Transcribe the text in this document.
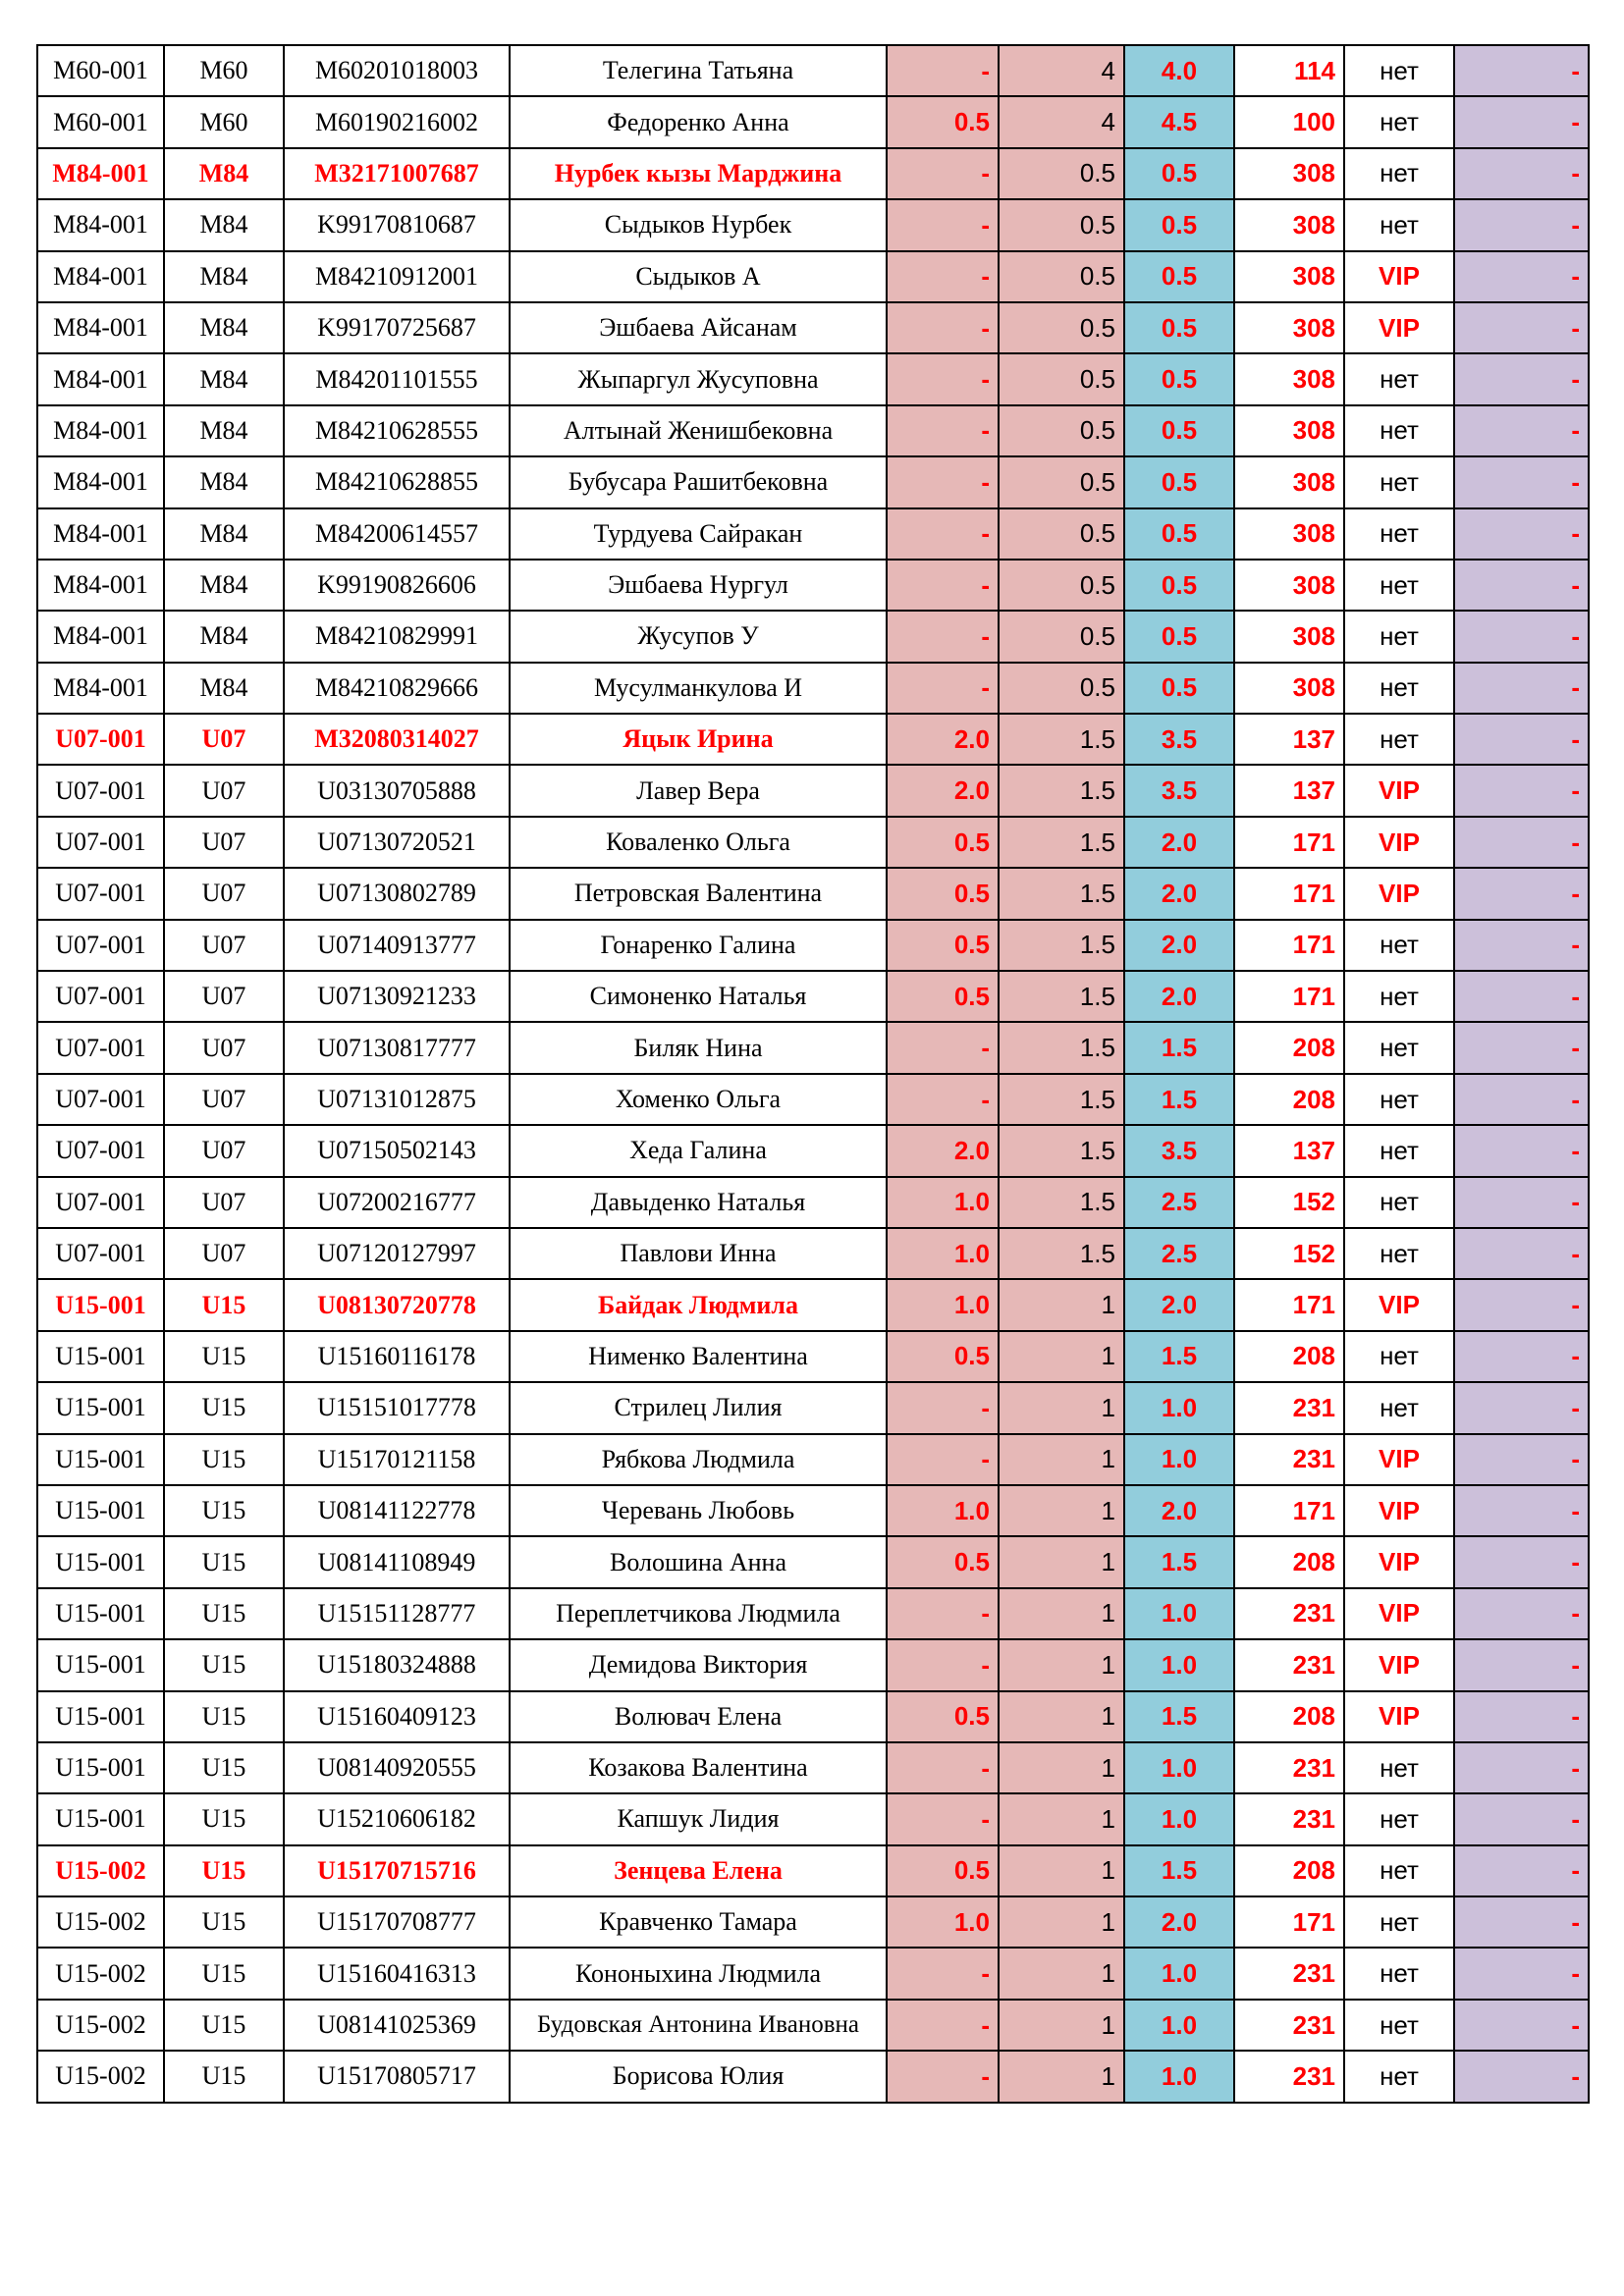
M60-001	M60	M60201018003	Телегина Татьяна	-	4	4.0	114	нет	-
M60-001	M60	M60190216002	Федоренко Анна	0.5	4	4.5	100	нет	-
M84-001	M84	M32171007687	Нурбек кызы Марджина	-	0.5	0.5	308	нет	-
M84-001	M84	K99170810687	Сыдыков Нурбек	-	0.5	0.5	308	нет	-
M84-001	M84	M84210912001	Сыдыков А	-	0.5	0.5	308	VIP	-
M84-001	M84	K99170725687	Эшбаева Айсанам	-	0.5	0.5	308	VIP	-
M84-001	M84	M84201101555	Жыпаргул Жусуповна	-	0.5	0.5	308	нет	-
M84-001	M84	M84210628555	Алтынай Женишбековна	-	0.5	0.5	308	нет	-
M84-001	M84	M84210628855	Бубусара Рашитбековна	-	0.5	0.5	308	нет	-
M84-001	M84	M84200614557	Турдуева Сайракан	-	0.5	0.5	308	нет	-
M84-001	M84	K99190826606	Эшбаева Нургул	-	0.5	0.5	308	нет	-
M84-001	M84	M84210829991	Жусупов У	-	0.5	0.5	308	нет	-
M84-001	M84	M84210829666	Мусулманкулова И	-	0.5	0.5	308	нет	-
U07-001	U07	M32080314027	Яцык Ирина	2.0	1.5	3.5	137	нет	-
U07-001	U07	U03130705888	Лавер Вера	2.0	1.5	3.5	137	VIP	-
U07-001	U07	U07130720521	Коваленко Ольга	0.5	1.5	2.0	171	VIP	-
U07-001	U07	U07130802789	Петровская Валентина	0.5	1.5	2.0	171	VIP	-
U07-001	U07	U07140913777	Гонаренко Галина	0.5	1.5	2.0	171	нет	-
U07-001	U07	U07130921233	Симоненко Наталья	0.5	1.5	2.0	171	нет	-
U07-001	U07	U07130817777	Биляк Нина	-	1.5	1.5	208	нет	-
U07-001	U07	U07131012875	Хоменко Ольга	-	1.5	1.5	208	нет	-
U07-001	U07	U07150502143	Хеда Галина	2.0	1.5	3.5	137	нет	-
U07-001	U07	U07200216777	Давыденко Наталья	1.0	1.5	2.5	152	нет	-
U07-001	U07	U07120127997	Павлови Инна	1.0	1.5	2.5	152	нет	-
U15-001	U15	U08130720778	Байдак Людмила	1.0	1	2.0	171	VIP	-
U15-001	U15	U15160116178	Нименко Валентина	0.5	1	1.5	208	нет	-
U15-001	U15	U15151017778	Стрилец Лилия	-	1	1.0	231	нет	-
U15-001	U15	U15170121158	Рябкова Людмила	-	1	1.0	231	VIP	-
U15-001	U15	U08141122778	Черевань Любовь	1.0	1	2.0	171	VIP	-
U15-001	U15	U08141108949	Волошина Анна	0.5	1	1.5	208	VIP	-
U15-001	U15	U15151128777	Переплетчикова Людмила	-	1	1.0	231	VIP	-
U15-001	U15	U15180324888	Демидова Виктория	-	1	1.0	231	VIP	-
U15-001	U15	U15160409123	Волювач Елена	0.5	1	1.5	208	VIP	-
U15-001	U15	U08140920555	Козакова Валентина	-	1	1.0	231	нет	-
U15-001	U15	U15210606182	Капшук Лидия	-	1	1.0	231	нет	-
U15-002	U15	U15170715716	Зенцева Елена	0.5	1	1.5	208	нет	-
U15-002	U15	U15170708777	Кравченко Тамара	1.0	1	2.0	171	нет	-
U15-002	U15	U15160416313	Кононыхина Людмила	-	1	1.0	231	нет	-
U15-002	U15	U08141025369	Будовская Антонина Ивановна	-	1	1.0	231	нет	-
U15-002	U15	U15170805717	Борисова Юлия	-	1	1.0	231	нет	-
